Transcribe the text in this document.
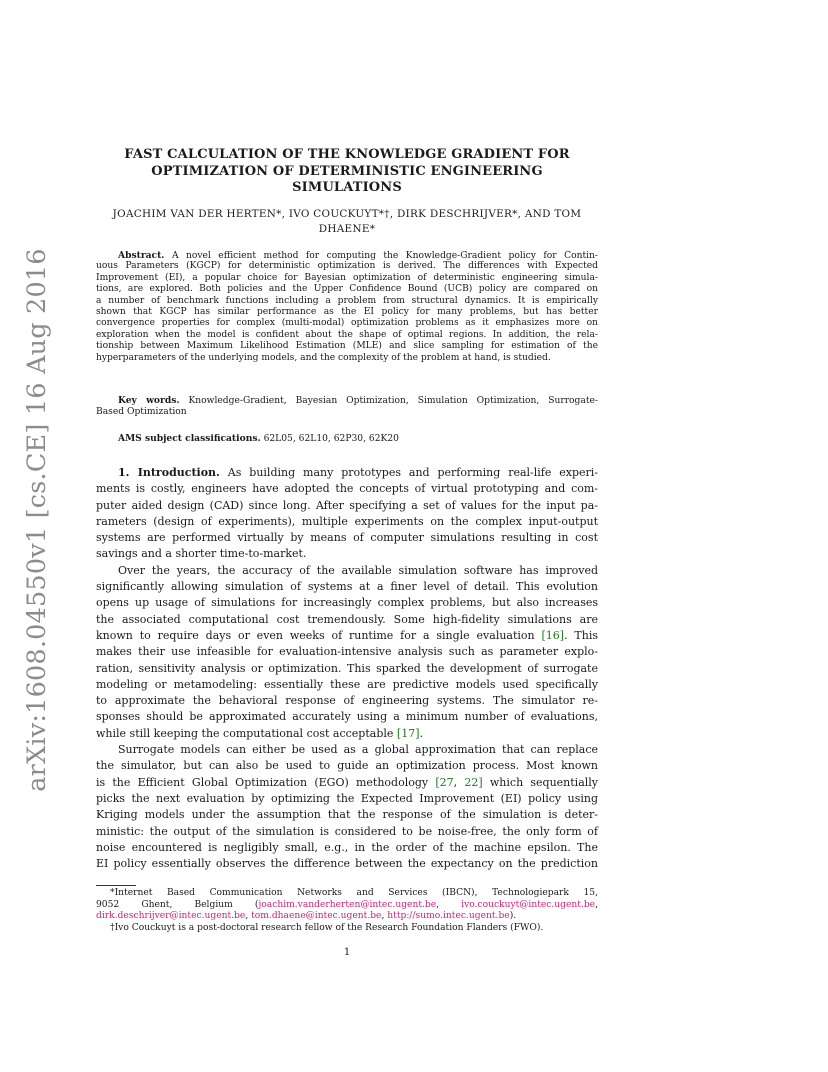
arXiv:1608.04550v1 [cs.CE] 16 Aug 2016
FAST CALCULATION OF THE KNOWLEDGE GRADIENT FOR
OPTIMIZATION OF DETERMINISTIC ENGINEERING
SIMULATIONS
JOACHIM VAN DER HERTEN*, IVO COUCKUYT*†, DIRK DESCHRIJVER*, AND TOM
DHAENE*
Abstract. A novel efficient method for computing the Knowledge-Gradient policy for Contin-
uous Parameters (KGCP) for deterministic optimization is derived. The differences with Expected
Improvement (EI), a popular choice for Bayesian optimization of deterministic engineering simula-
tions, are explored. Both policies and the Upper Confidence Bound (UCB) policy are compared on
a number of benchmark functions including a problem from structural dynamics. It is empirically
shown that KGCP has similar performance as the EI policy for many problems, but has better
convergence properties for complex (multi-modal) optimization problems as it emphasizes more on
exploration when the model is confident about the shape of optimal regions. In addition, the rela-
tionship between Maximum Likelihood Estimation (MLE) and slice sampling for estimation of the
hyperparameters of the underlying models, and the complexity of the problem at hand, is studied.
Key words. Knowledge-Gradient, Bayesian Optimization, Simulation Optimization, Surrogate-
Based Optimization
AMS subject classifications. 62L05, 62L10, 62P30, 62K20
1. Introduction. As building many prototypes and performing real-life experi-
ments is costly, engineers have adopted the concepts of virtual prototyping and com-
puter aided design (CAD) since long. After specifying a set of values for the input pa-
rameters (design of experiments), multiple experiments on the complex input-output
systems are performed virtually by means of computer simulations resulting in cost
savings and a shorter time-to-market.
Over the years, the accuracy of the available simulation software has improved
significantly allowing simulation of systems at a finer level of detail. This evolution
opens up usage of simulations for increasingly complex problems, but also increases
the associated computational cost tremendously. Some high-fidelity simulations are
known to require days or even weeks of runtime for a single evaluation [16]. This
makes their use infeasible for evaluation-intensive analysis such as parameter explo-
ration, sensitivity analysis or optimization. This sparked the development of surrogate
modeling or metamodeling: essentially these are predictive models used specifically
to approximate the behavioral response of engineering systems. The simulator re-
sponses should be approximated accurately using a minimum number of evaluations,
while still keeping the computational cost acceptable [17].
Surrogate models can either be used as a global approximation that can replace
the simulator, but can also be used to guide an optimization process. Most known
is the Efficient Global Optimization (EGO) methodology [27, 22] which sequentially
picks the next evaluation by optimizing the Expected Improvement (EI) policy using
Kriging models under the assumption that the response of the simulation is deter-
ministic: the output of the simulation is considered to be noise-free, the only form of
noise encountered is negligibly small, e.g., in the order of the machine epsilon. The
EI policy essentially observes the difference between the expectancy on the prediction
*Internet Based Communication Networks and Services (IBCN), Technologiepark 15,
9052 Ghent, Belgium (joachim.vanderherten@intec.ugent.be, ivo.couckuyt@intec.ugent.be,
dirk.deschrijver@intec.ugent.be, tom.dhaene@intec.ugent.be, http://sumo.intec.ugent.be).
†Ivo Couckuyt is a post-doctoral research fellow of the Research Foundation Flanders (FWO).
1
